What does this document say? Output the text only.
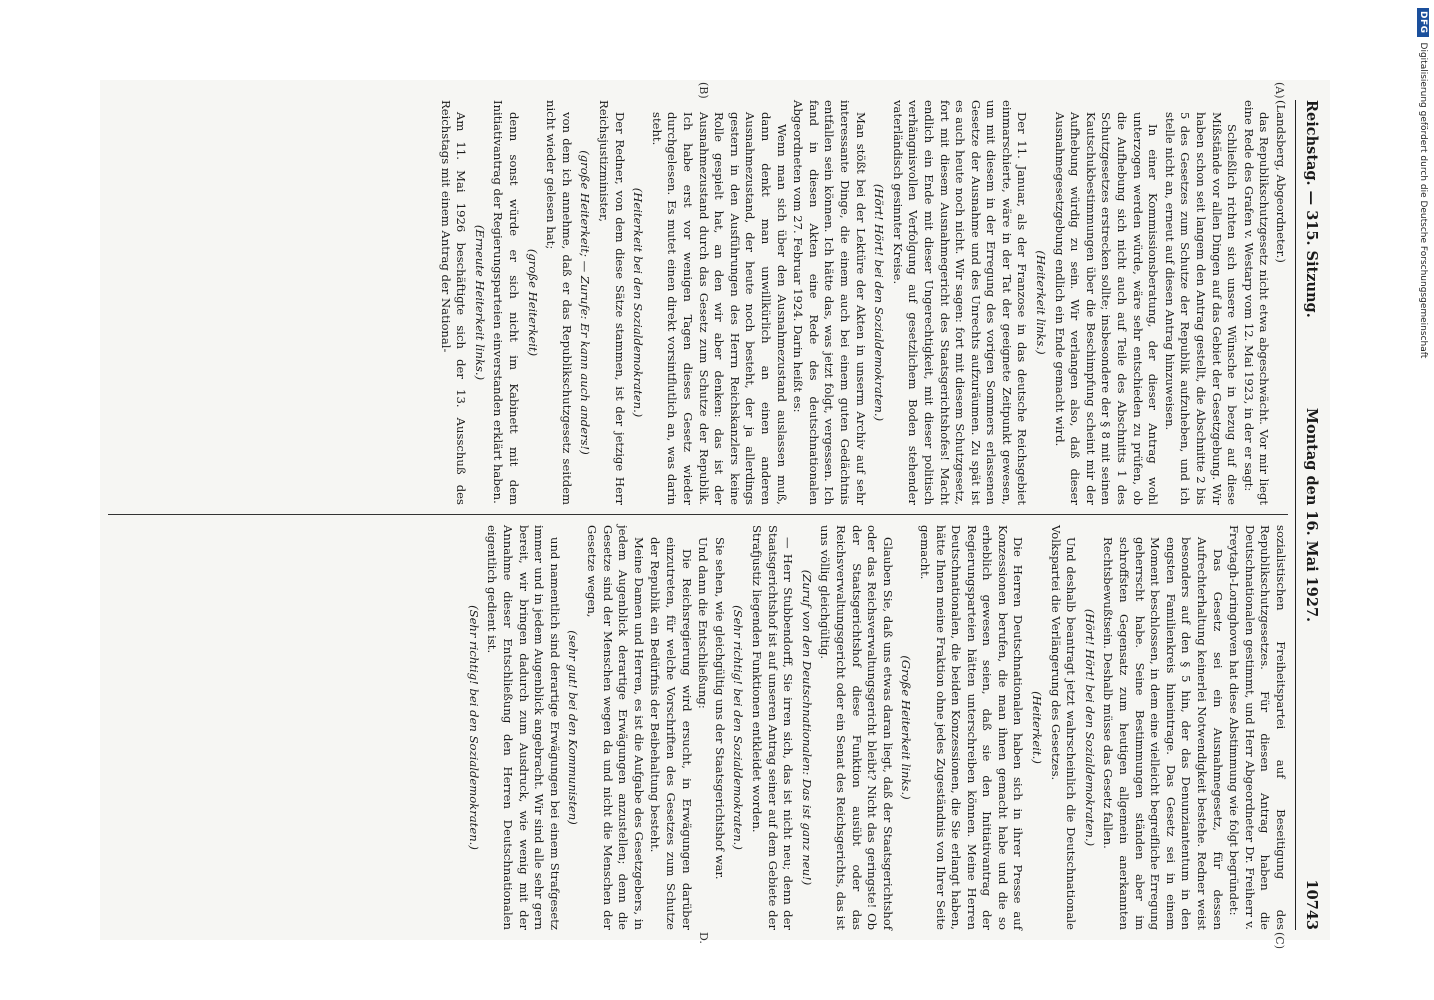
Reichstag. — 315. Sitzung.
Montag den 16. Mai 1927.
10743
(A)
(B)
(C)
D.

(Landsberg, Abgeordneter.)

das Republikschutzgesetz nicht etwa abgeschwächt. Vor mir liegt eine Rede des Grafen v. Westarp vom 12. Mai 1923, in der er sagt:

Schließlich richten sich unsere Wünsche in bezug auf diese Mißstände vor allen Dingen auf das Gebiet der Gesetzgebung. Wir haben schon seit langem den Antrag gestellt, die Abschnitte 2 bis 5 des Gesetzes zum Schutze der Republik aufzuheben, und ich stelle nicht an, erneut auf diesen Antrag hinzuweisen.

In einer Kommissionsberatung, der dieser Antrag wohl unterzogen werden würde, wäre sehr entschieden zu prüfen, ob die Aufhebung sich nicht auch auf Teile des Abschnitts 1 des Schutzgesetzes erstrecken sollte; insbesondere der § 8 mit seinen Kautschukbestimmungen über die Beschimpfung scheint mir der Aufhebung würdig zu sein. Wir verlangen also, daß dieser Ausnahmegesetzgebung endlich ein Ende gemacht wird.

(Heiterkeit links.)

Der 11. Januar, als der Franzose in das deutsche Reichsgebiet einmarschierte, wäre in der Tat der geeignete Zeitpunkt gewesen, um mit diesem in der Erregung des vorigen Sommers erlassenen Gesetze der Ausnahme und des Unrechts aufzuräumen. Zu spät ist es auch heute noch nicht. Wir sagen: fort mit diesem Schutzgesetz, fort mit diesem Ausnahmegericht des Staatsgerichtshofes! Macht endlich ein Ende mit dieser Ungerechtigkeit, mit dieser politisch verhängnisvollen Verfolgung auf gesetzlichem Boden stehender vaterländisch gesinnter Kreise.

(Hört! Hört! bei den Sozialdemokraten.)

Man stößt bei der Lektüre der Akten in unserm Archiv auf sehr interessante Dinge, die einem auch bei einem guten Gedächtnis entfallen sein können. Ich hätte das, was jetzt folgt, vergessen. Ich fand in diesen Akten eine Rede des deutschnationalen Abgeordneten vom 27. Februar 1924. Darin heißt es:

Wenn man sich über den Ausnahmezustand auslassen muß, dann denkt man unwillkürlich an einen anderen Ausnahmezustand, der heute noch besteht, der ja allerdings gestern in den Ausführungen des Herrn Reichskanzlers keine Rolle gespielt hat, an den wir aber denken: das ist der Ausnahmezustand durch das Gesetz zum Schutze der Republik. Ich habe erst vor wenigen Tagen dieses Gesetz wieder durchgelesen. Es mutet einen direkt vorsintflutlich an, was darin steht.

(Heiterkeit bei den Sozialdemokraten.)

Der Redner, von dem diese Sätze stammen, ist der jetzige Herr Reichsjustizminister,

(große Heiterkeit; — Zurufe: Er kann auch anders!)

von dem ich annehme, daß er das Republikschutzgesetz seitdem nicht wieder gelesen hat;

(große Heiterkeit)

denn sonst würde er sich nicht im Kabinett mit dem Initiativantrag der Regierungsparteien einverstanden erklärt haben.

(Erneute Heiterkeit links.)

Am 11. Mai 1926 beschäftigte sich der 13. Ausschuß des Reichstags mit einem Antrag der National-

sozialistischen Freiheitspartei auf Beseitigung des Republikschutzgesetzes. Für diesen Antrag haben die Deutschnationalen gestimmt, und Herr Abgeordneter Dr. Freiherr v. Freytagh-Loringhoven hat diese Abstimmung wie folgt begründet:

Das Gesetz sei ein Ausnahmegesetz, für dessen Aufrechterhaltung keinerlei Notwendigkeit bestehe. Redner weist besonders auf den § 5 hin, der das Denunziantentum in den engsten Familienkreis hineintrage. Das Gesetz sei in einem Moment beschlossen, in dem eine vielleicht begreifliche Erregung geherrscht habe. Seine Bestimmungen ständen aber im schroffsten Gegensatz zum heutigen allgemein anerkannten Rechtsbewußtsein. Deshalb müsse das Gesetz fallen.

(Hört! Hört! bei den Sozialdemokraten.)

Und deshalb beantragt jetzt wahrscheinlich die Deutschnationale Volkspartei die Verlängerung des Gesetzes.

(Heiterkeit.)

Die Herren Deutschnationalen haben sich in ihrer Presse auf Konzessionen berufen, die man ihnen gemacht habe und die so erheblich gewesen seien, daß sie den Initiativantrag der Regierungsparteien hätten unterschreiben können. Meine Herren Deutschnationalen, die beiden Konzessionen, die Sie erlangt haben, hätte Ihnen meine Fraktion ohne jedes Zugeständnis von Ihrer Seite gemacht.

(Große Heiterkeit links.)

Glauben Sie, daß uns etwas daran liegt, daß der Staatsgerichtshof oder das Reichsverwaltungsgericht bleibt? Nicht das geringste! Ob der Staatsgerichtshof diese Funktion ausübt oder das Reichsverwaltungsgericht oder ein Senat des Reichsgerichts, das ist uns völlig gleichgültig.

(Zuruf von den Deutschnationalen: Das ist ganz neu!)

— Herr Stubbendorff, Sie irren sich, das ist nicht neu; denn der Staatsgerichtshof ist auf unseren Antrag seiner auf dem Gebiete der Strafjustiz liegenden Funktionen entkleidet worden.

(Sehr richtig! bei den Sozialdemokraten.)

Sie sehen, wie gleichgültig uns der Staatsgerichtshof war.

Und dann die Entschließung:

Die Reichsregierung wird ersucht, in Erwägungen darüber einzutreten, für welche Vorschriften des Gesetzes zum Schutze der Republik ein Bedürfnis der Beibehaltung besteht.

Meine Damen und Herren, es ist die Aufgabe des Gesetzgebers, in jedem Augenblick derartige Erwägungen anzustellen; denn die Gesetze sind der Menschen wegen da und nicht die Menschen der Gesetze wegen,

(sehr gut! bei den Kommunisten)

und namentlich sind derartige Erwägungen bei einem Strafgesetz immer und in jedem Augenblick angebracht. Wir sind alle sehr gern bereit, wir bringen dadurch zum Ausdruck, wie wenig mit der Annahme dieser Entschließung den Herren Deutschnationalen eigentlich gedient ist.

(Sehr richtig! bei den Sozialdemokraten.)

DFG
Digitalisierung gefördert durch die Deutsche Forschungsgemeinschaft
